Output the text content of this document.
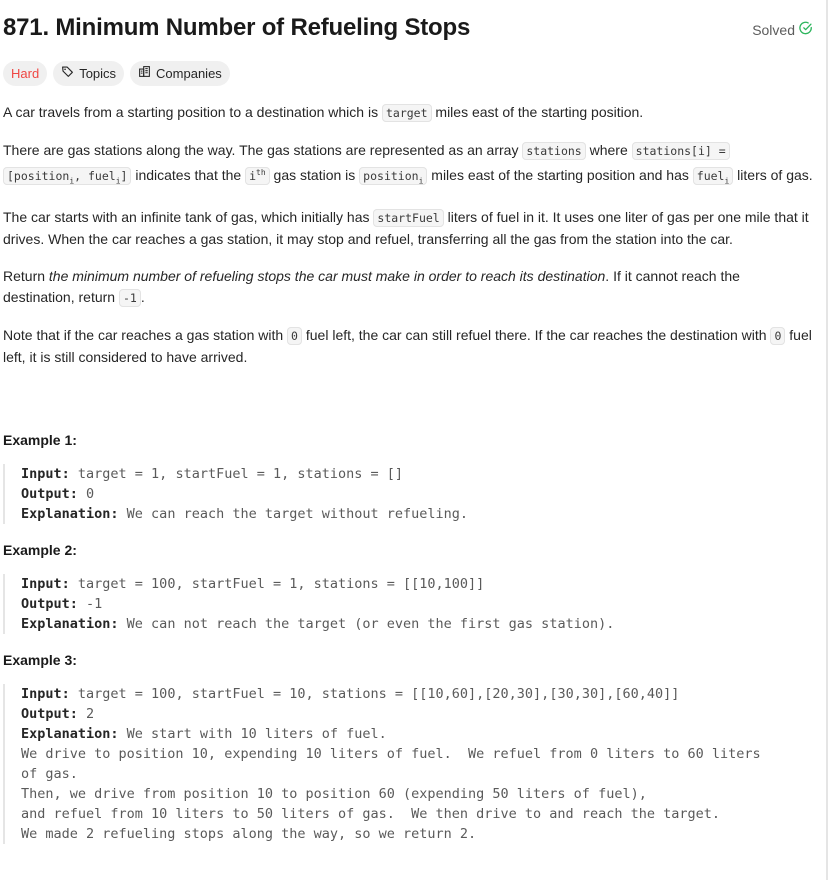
871. Minimum Number of Refueling Stops	Solved
Hard	Topics	Companies

A car travels from a starting position to a destination which is target miles east of the starting position.

There are gas stations along the way. The gas stations are represented as an array stations where stations[i] = [position$_i$, fuel$_i$] indicates that the $i^{th}$ gas station is position$_i$ miles east of the starting position and has fuel$_i$ liters of gas.

The car starts with an infinite tank of gas, which initially has startFuel liters of fuel in it. It uses one liter of gas per one mile that it drives. When the car reaches a gas station, it may stop and refuel, transferring all the gas from the station into the car.

Return the minimum number of refueling stops the car must make in order to reach its destination. If it cannot reach the destination, return -1 .

Note that if the car reaches a gas station with 0 fuel left, the car can still refuel there. If the car reaches the destination with 0 fuel left, it is still considered to have arrived.

Example 1:
Input: target = 1, startFuel = 1, stations = []
Output: 0
Explanation: We can reach the target without refueling.
Example 2:
Input: target = 100, startFuel = 1, stations = [[10,100]]
Output: -1
Explanation: We can not reach the target (or even the first gas station).
Example 3:
Input: target = 100, startFuel = 10, stations = [[10,60],[20,30],[30,30],[60,40]]
Output: 2
Explanation: We start with 10 liters of fuel.
We drive to position 10, expending 10 liters of fuel.  We refuel from 0 liters to 60 liters
of gas.
Then, we drive from position 10 to position 60 (expending 50 liters of fuel),
and refuel from 10 liters to 50 liters of gas.  We then drive to and reach the target.
We made 2 refueling stops along the way, so we return 2.
